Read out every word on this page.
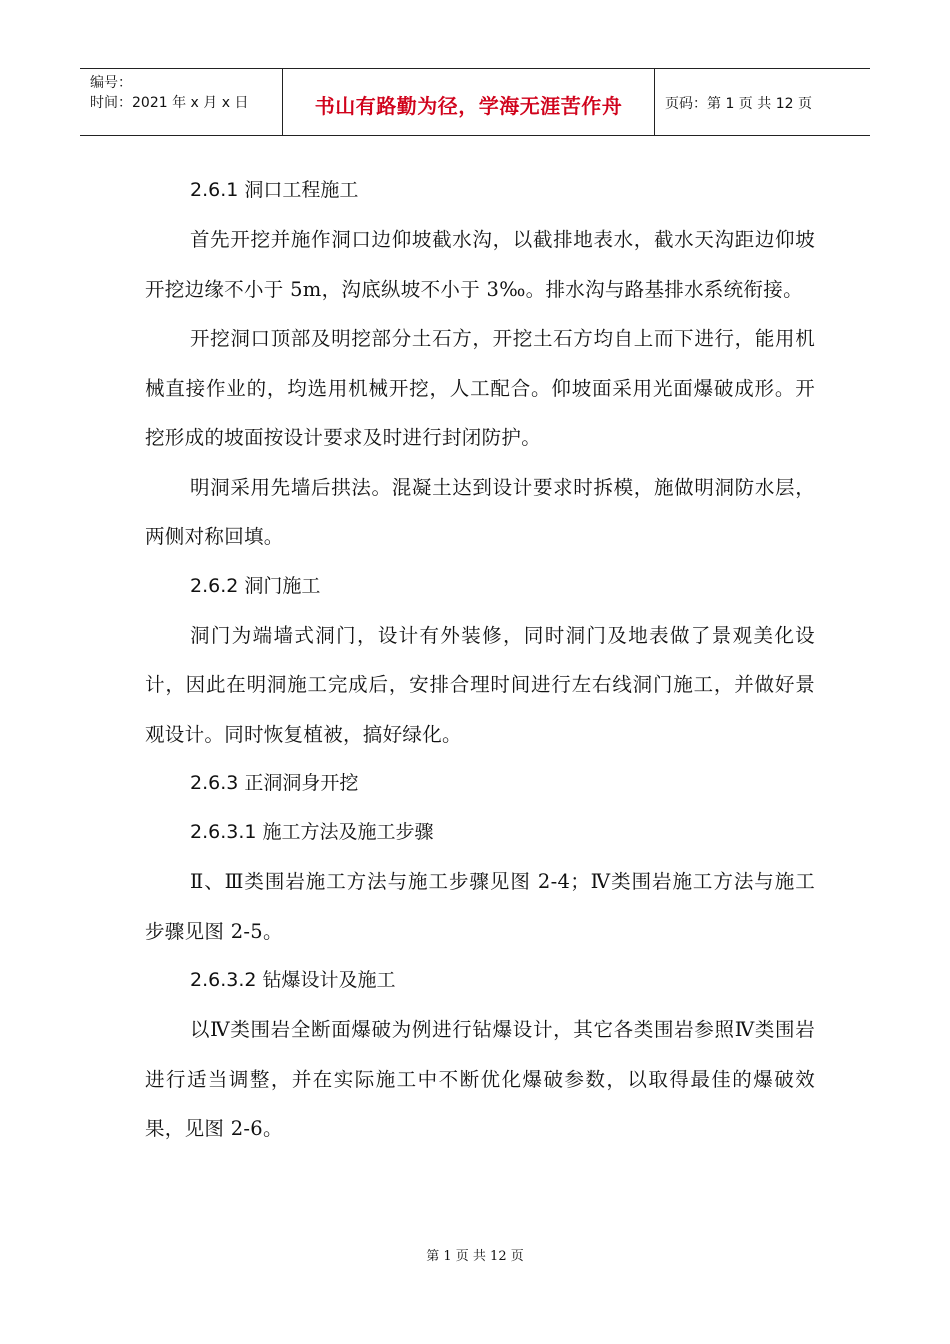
编号：
时间：2021 年 x 月 x 日	书山有路勤为径，学海无涯苦作舟	页码：第 1 页 共 12 页
2.6.1 洞口工程施工

首先开挖并施作洞口边仰坡截水沟，以截排地表水，截水天沟距边仰坡开挖边缘不小于 5m，沟底纵坡不小于 3‰。排水沟与路基排水系统衔接。

开挖洞口顶部及明挖部分土石方，开挖土石方均自上而下进行，能用机械直接作业的，均选用机械开挖，人工配合。仰坡面采用光面爆破成形。开挖形成的坡面按设计要求及时进行封闭防护。

明洞采用先墙后拱法。混凝土达到设计要求时拆模，施做明洞防水层，两侧对称回填。

2.6.2 洞门施工

洞门为端墙式洞门，设计有外装修，同时洞门及地表做了景观美化设计，因此在明洞施工完成后，安排合理时间进行左右线洞门施工，并做好景观设计。同时恢复植被，搞好绿化。

2.6.3 正洞洞身开挖
2.6.3.1 施工方法及施工步骤

Ⅱ、Ⅲ类围岩施工方法与施工步骤见图 2-4；Ⅳ类围岩施工方法与施工步骤见图 2-5。

2.6.3.2 钻爆设计及施工

以Ⅳ类围岩全断面爆破为例进行钻爆设计，其它各类围岩参照Ⅳ类围岩进行适当调整，并在实际施工中不断优化爆破参数，以取得最佳的爆破效果，见图 2-6。

第 1 页 共 12 页
